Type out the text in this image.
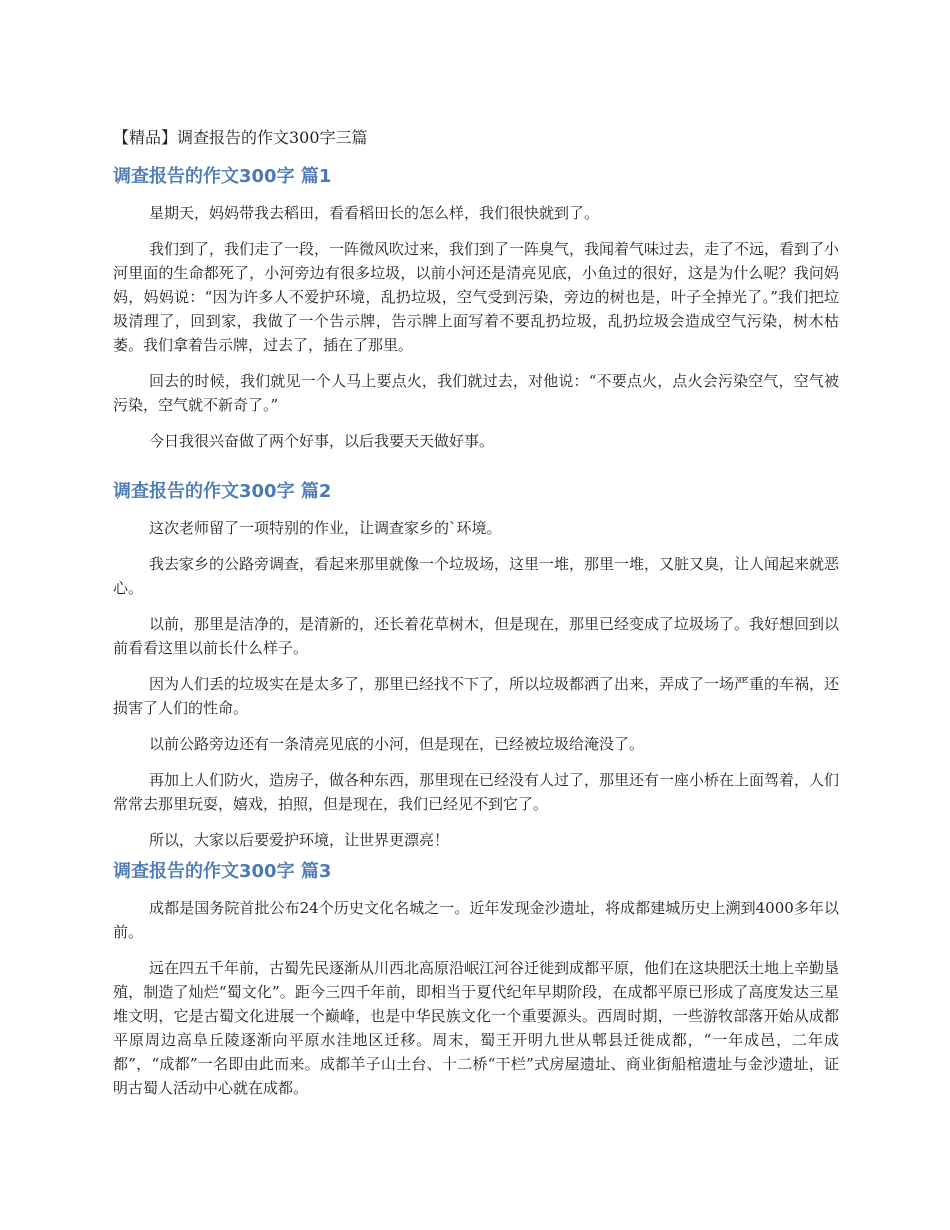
【精品】调查报告的作文300字三篇
调查报告的作文300字 篇1

星期天，妈妈带我去稻田，看看稻田长的怎么样，我们很快就到了。

我们到了，我们走了一段，一阵微风吹过来，我们到了一阵臭气，我闻着气味过去，走了不远，看到了小河里面的生命都死了，小河旁边有很多垃圾，以前小河还是清亮见底，小鱼过的很好，这是为什么呢？我问妈妈，妈妈说：“因为许多人不爱护环境，乱扔垃圾，空气受到污染，旁边的树也是，叶子全掉光了。”我们把垃圾清理了，回到家，我做了一个告示牌，告示牌上面写着不要乱扔垃圾，乱扔垃圾会造成空气污染，树木枯萎。我们拿着告示牌，过去了，插在了那里。

回去的时候，我们就见一个人马上要点火，我们就过去，对他说：“不要点火，点火会污染空气，空气被污染，空气就不新奇了。”

今日我很兴奋做了两个好事，以后我要天天做好事。

调查报告的作文300字 篇2

这次老师留了一项特别的作业，让调查家乡的`环境。

我去家乡的公路旁调查，看起来那里就像一个垃圾场，这里一堆，那里一堆，又脏又臭，让人闻起来就恶心。

以前，那里是洁净的，是清新的，还长着花草树木，但是现在，那里已经变成了垃圾场了。我好想回到以前看看这里以前长什么样子。

因为人们丢的垃圾实在是太多了，那里已经找不下了，所以垃圾都洒了出来，弄成了一场严重的车祸，还损害了人们的性命。

以前公路旁边还有一条清亮见底的小河，但是现在，已经被垃圾给淹没了。

再加上人们防火，造房子，做各种东西，那里现在已经没有人过了，那里还有一座小桥在上面驾着，人们常常去那里玩耍，嬉戏，拍照，但是现在，我们已经见不到它了。

所以，大家以后要爱护环境，让世界更漂亮！

调查报告的作文300字 篇3

成都是国务院首批公布24个历史文化名城之一。近年发现金沙遗址，将成都建城历史上溯到4000多年以前。

远在四五千年前，古蜀先民逐渐从川西北高原沿岷江河谷迁徙到成都平原，他们在这块肥沃土地上辛勤垦殖，制造了灿烂“蜀文化”。距今三四千年前，即相当于夏代纪年早期阶段，在成都平原已形成了高度发达三星堆文明，它是古蜀文化进展一个巅峰，也是中华民族文化一个重要源头。西周时期，一些游牧部落开始从成都平原周边高阜丘陵逐渐向平原水洼地区迁移。周末，蜀王开明九世从郫县迁徙成都，“一年成邑，二年成都”，“成都”一名即由此而来。成都羊子山土台、十二桥“干栏”式房屋遗址、商业街船棺遗址与金沙遗址，证明古蜀人活动中心就在成都。
